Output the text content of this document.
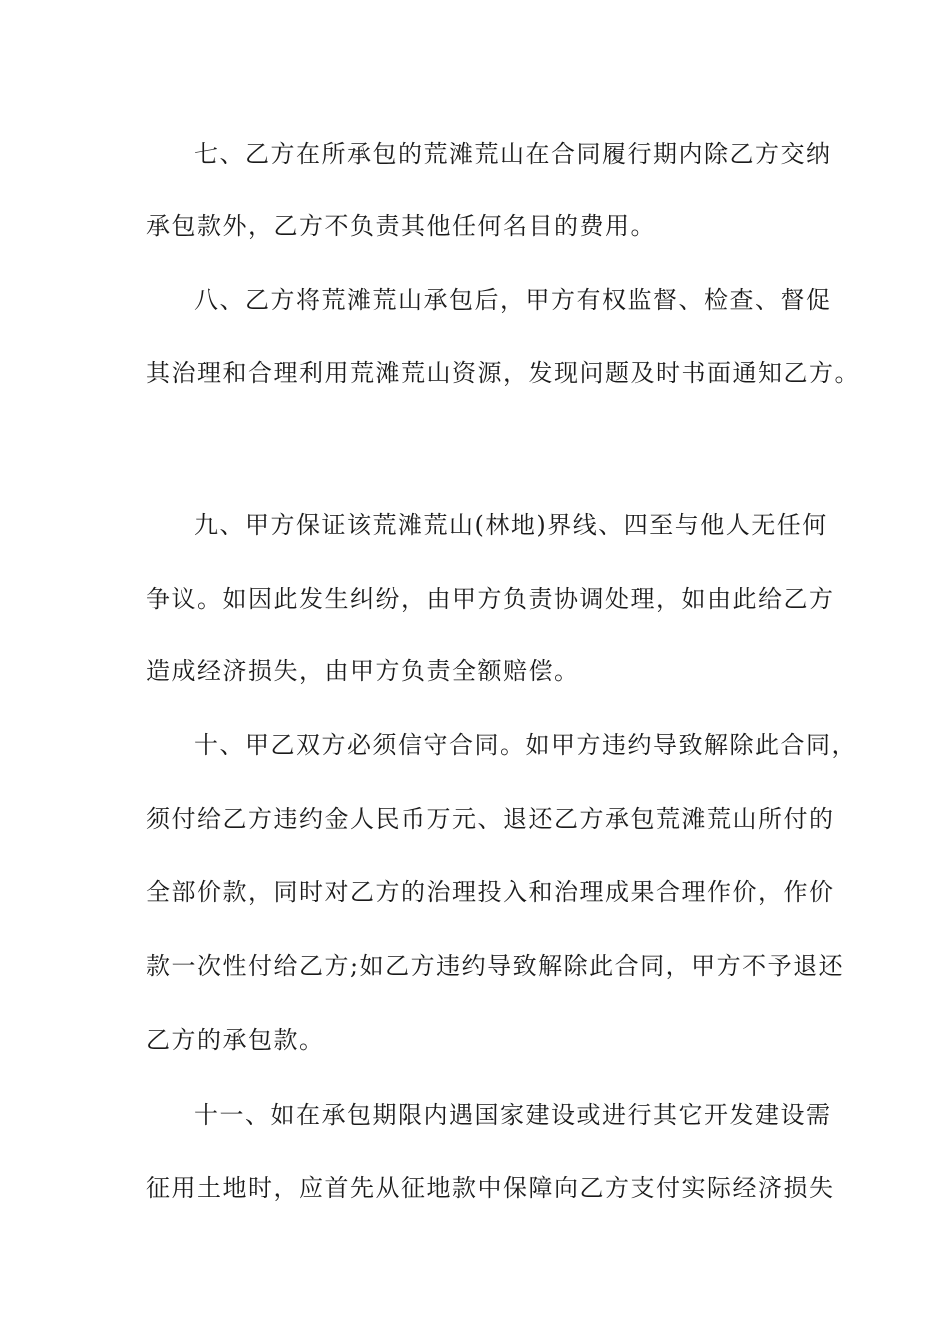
七、乙方在所承包的荒滩荒山在合同履行期内除乙方交纳
承包款外，乙方不负责其他任何名目的费用。
八、乙方将荒滩荒山承包后，甲方有权监督、检查、督促
其治理和合理利用荒滩荒山资源，发现问题及时书面通知乙方。
九、甲方保证该荒滩荒山(林地)界线、四至与他人无任何
争议。如因此发生纠纷，由甲方负责协调处理，如由此给乙方
造成经济损失，由甲方负责全额赔偿。
十、甲乙双方必须信守合同。如甲方违约导致解除此合同，
须付给乙方违约金人民币万元、退还乙方承包荒滩荒山所付的
全部价款，同时对乙方的治理投入和治理成果合理作价，作价
款一次性付给乙方;如乙方违约导致解除此合同，甲方不予退还
乙方的承包款。
十一、如在承包期限内遇国家建设或进行其它开发建设需
征用土地时，应首先从征地款中保障向乙方支付实际经济损失
